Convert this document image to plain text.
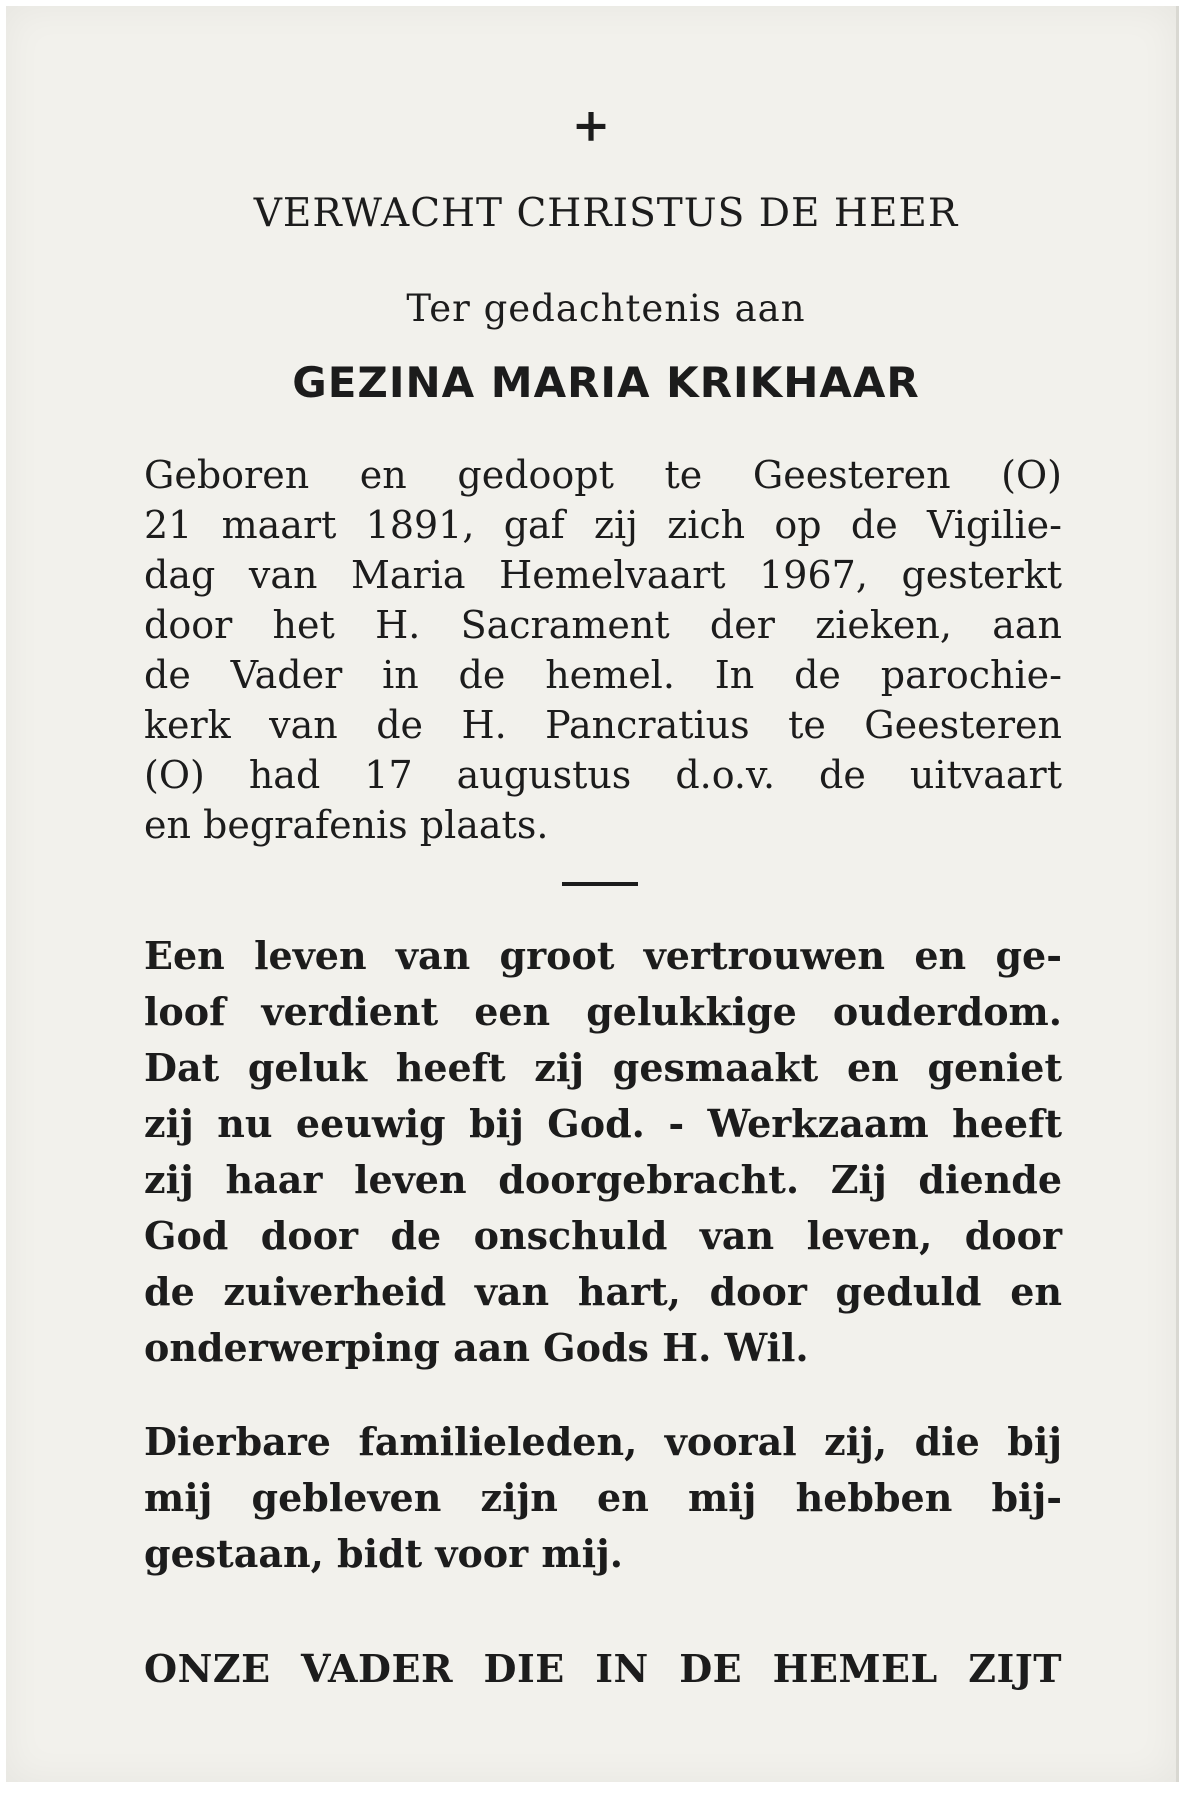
+
VERWACHT CHRISTUS DE HEER
Ter gedachtenis aan
GEZINA MARIA KRIKHAAR
Geboren en gedoopt te Geesteren (O)
21 maart 1891, gaf zij zich op de Vigilie-
dag van Maria Hemelvaart 1967, gesterkt
door het H. Sacrament der zieken, aan
de Vader in de hemel. In de parochie-
kerk van de H. Pancratius te Geesteren
(O) had 17 augustus d.o.v. de uitvaart
en begrafenis plaats.
Een leven van groot vertrouwen en ge-
loof verdient een gelukkige ouderdom.
Dat geluk heeft zij gesmaakt en geniet
zij nu eeuwig bij God. - Werkzaam heeft
zij haar leven doorgebracht. Zij diende
God door de onschuld van leven, door
de zuiverheid van hart, door geduld en
onderwerping aan Gods H. Wil.
Dierbare familieleden, vooral zij, die bij
mij gebleven zijn en mij hebben bij-
gestaan, bidt voor mij.
ONZE VADER DIE IN DE HEMEL ZIJT
